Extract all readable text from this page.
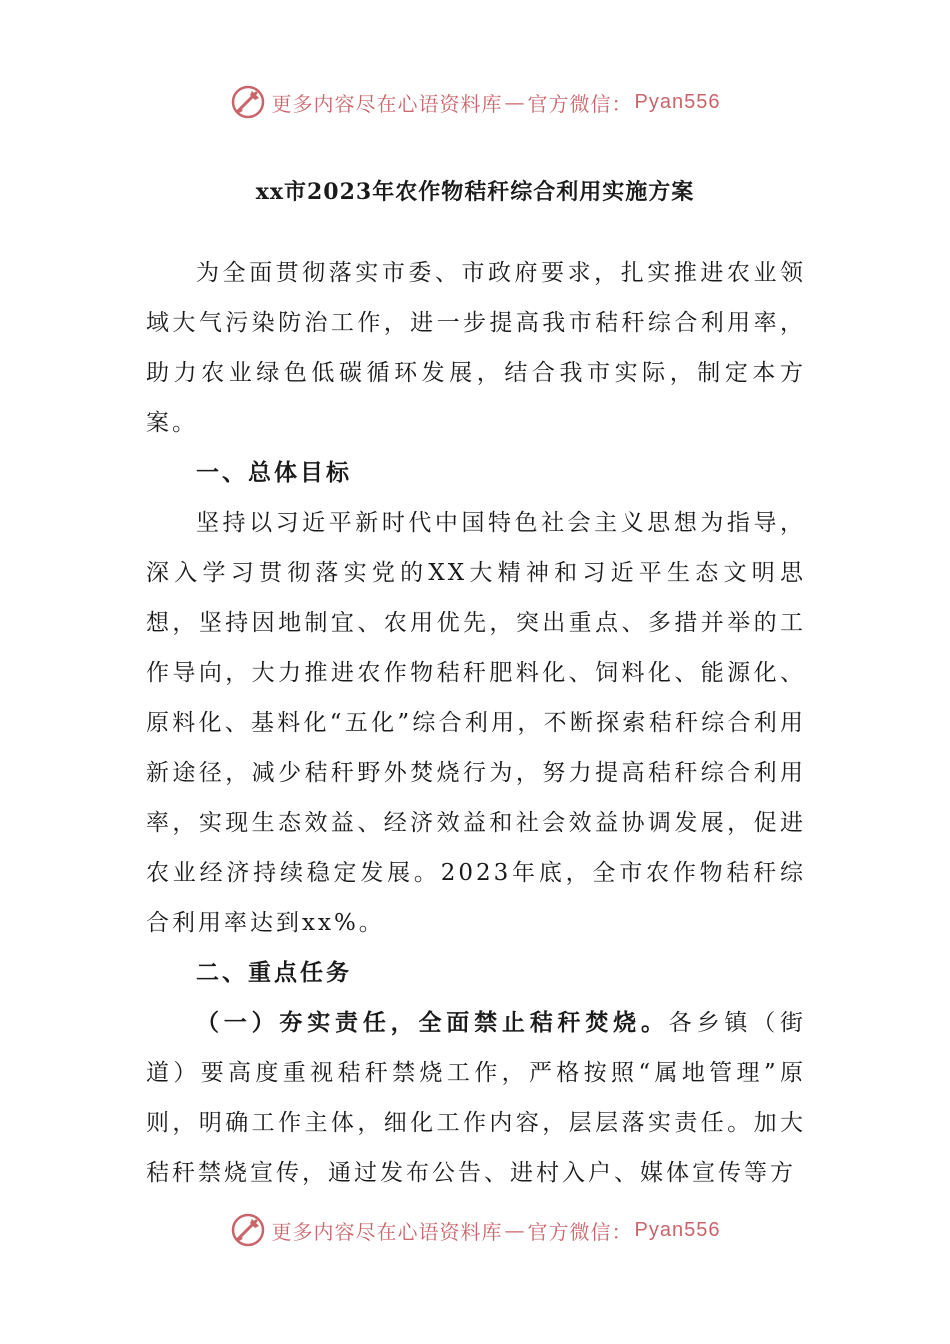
更多内容尽在心语资料库 — 官方微信： Pyan556
xx市2023年农作物秸秆综合利用实施方案

为全面贯彻落实市委、市政府要求，扎实推进农业领域大气污染防治工作，进一步提高我市秸秆综合利用率，助力农业绿色低碳循环发展，结合我市实际，制定本方案。

一、总体目标

坚持以习近平新时代中国特色社会主义思想为指导，深入学习贯彻落实党的XX大精神和习近平生态文明思想，坚持因地制宜、农用优先，突出重点、多措并举的工作导向，大力推进农作物秸秆肥料化、饲料化、能源化、原料化、基料化“五化”综合利用，不断探索秸秆综合利用新途径，减少秸秆野外焚烧行为，努力提高秸秆综合利用率，实现生态效益、经济效益和社会效益协调发展，促进农业经济持续稳定发展。2023年底，全市农作物秸秆综合利用率达到xx%。

二、重点任务

（一）夯实责任，全面禁止秸秆焚烧。各乡镇（街道）要高度重视秸秆禁烧工作，严格按照“属地管理”原则，明确工作主体，细化工作内容，层层落实责任。加大秸秆禁烧宣传，通过发布公告、进村入户、媒体宣传等方

更多内容尽在心语资料库 — 官方微信： Pyan556
